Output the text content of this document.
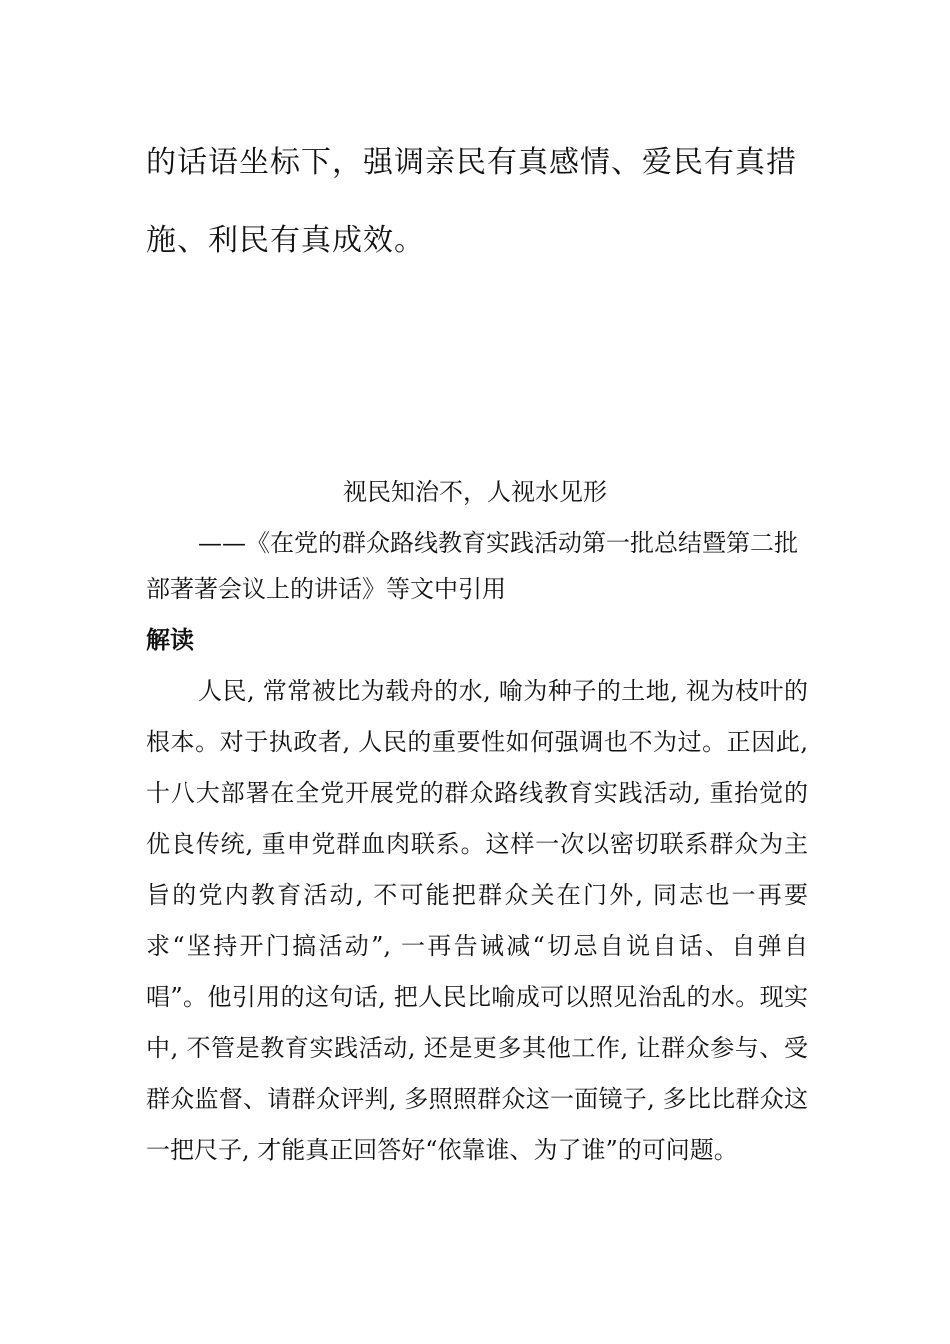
的话语坐标下，强调亲民有真感情、爱民有真措施、利民有真成效。

视民知治不，人视水见形

——《在党的群众路线教育实践活动第一批总结暨第二批部著著会议上的讲话》等文中引用

解读

人民, 常常被比为载舟的水, 喻为种子的土地, 视为枝叶的根本。对于执政者, 人民的重要性如何强调也不为过。正因此, 十八大部署在全党开展党的群众路线教育实践活动, 重抬觉的优良传统, 重申党群血肉联系。这样一次以密切联系群众为主旨的党内教育活动, 不可能把群众关在门外, 同志也一再要求“坚持开门搞活动”, 一再告诫减“切忌自说自话、自弹自唱”。他引用的这句话, 把人民比喻成可以照见治乱的水。现实中, 不管是教育实践活动, 还是更多其他工作, 让群众参与、受群众监督、请群众评判, 多照照群众这一面镜子, 多比比群众这一把尺子, 才能真正回答好“依靠谁、为了谁”的可问题。
